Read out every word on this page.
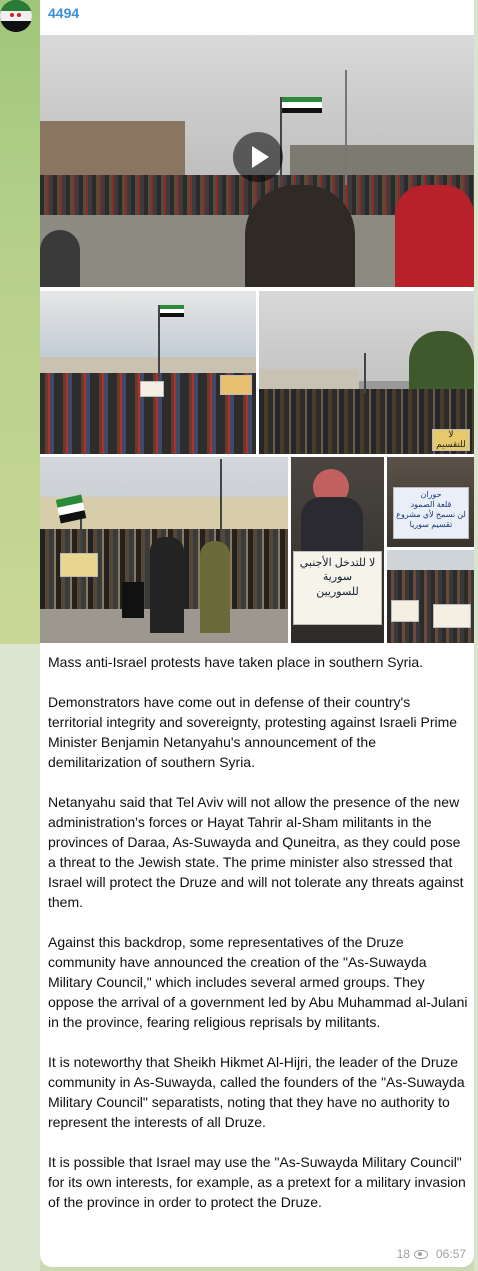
4494
لا للتقسيم
لا للتدخل الأجنبي
سورية
للسوريين
حوران
قلعة الصمود
لن نسمح لأي مشروع
تقسيم سوريا

Mass anti-Israel protests have taken place in southern Syria.

Demonstrators have come out in defense of their country's territorial integrity and sovereignty, protesting against Israeli Prime Minister Benjamin Netanyahu's announcement of the demilitarization of southern Syria.

Netanyahu said that Tel Aviv will not allow the presence of the new administration's forces or Hayat Tahrir al-Sham militants in the provinces of Daraa, As-Suwayda and Quneitra, as they could pose a threat to the Jewish state. The prime minister also stressed that Israel will protect the Druze and will not tolerate any threats against them.

Against this backdrop, some representatives of the Druze community have announced the creation of the "As-Suwayda Military Council," which includes several armed groups. They oppose the arrival of a government led by Abu Muhammad al-Julani in the province, fearing religious reprisals by militants.

It is noteworthy that Sheikh Hikmet Al-Hijri, the leader of the Druze community in As-Suwayda, called the founders of the "As-Suwayda Military Council" separatists, noting that they have no authority to represent the interests of all Druze.

It is possible that Israel may use the "As-Suwayda Military Council" for its own interests, for example, as a pretext for a military invasion of the province in order to protect the Druze.

18 06:57
